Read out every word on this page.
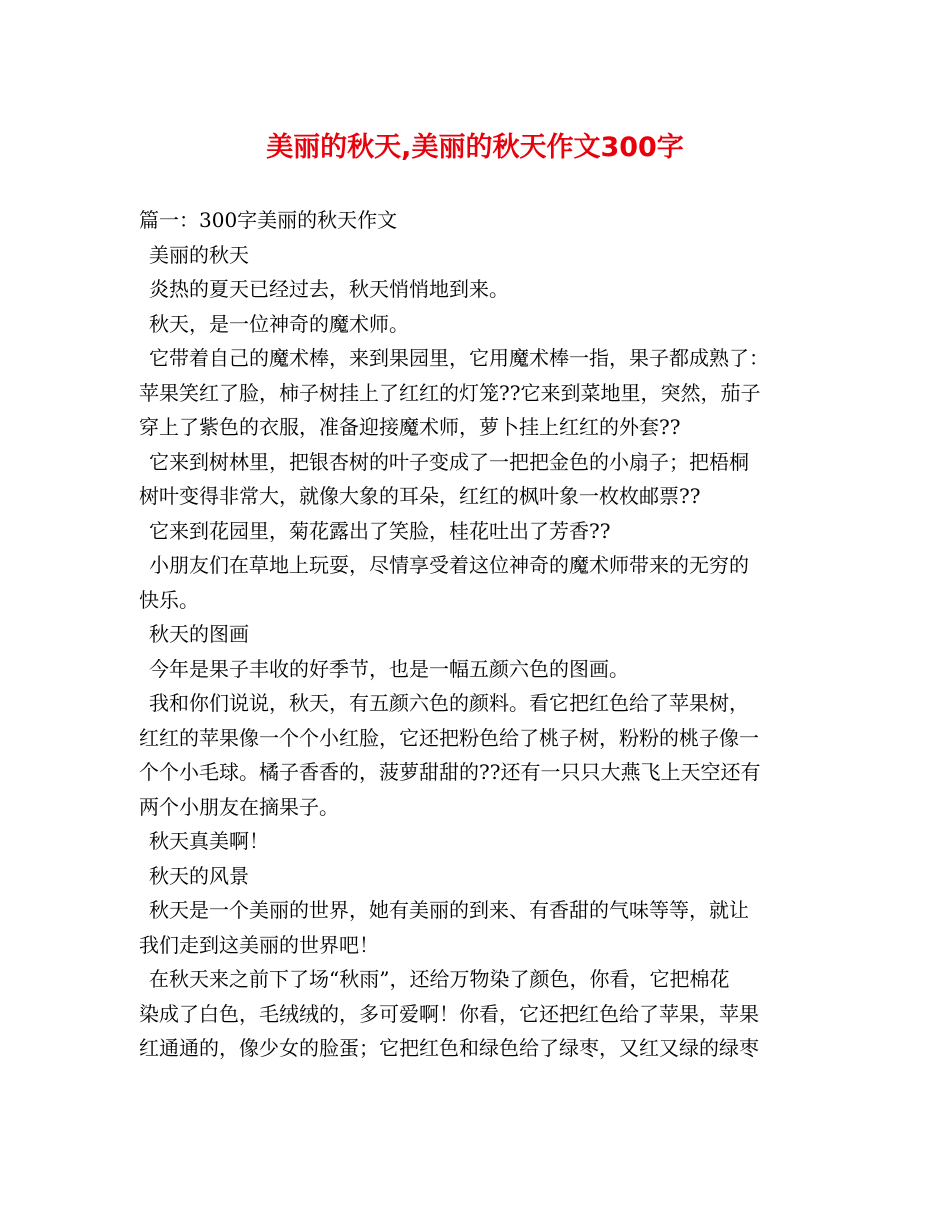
美丽的秋天,美丽的秋天作文300字
篇一：300字美丽的秋天作文
美丽的秋天
炎热的夏天已经过去，秋天悄悄地到来。
秋天，是一位神奇的魔术师。
它带着自己的魔术棒，来到果园里，它用魔术棒一指，果子都成熟了：
苹果笑红了脸，柿子树挂上了红红的灯笼??它来到菜地里，突然，茄子
穿上了紫色的衣服，准备迎接魔术师，萝卜挂上红红的外套??
它来到树林里，把银杏树的叶子变成了一把把金色的小扇子；把梧桐
树叶变得非常大，就像大象的耳朵，红红的枫叶象一枚枚邮票??
它来到花园里，菊花露出了笑脸，桂花吐出了芳香??
小朋友们在草地上玩耍，尽情享受着这位神奇的魔术师带来的无穷的
快乐。
秋天的图画
今年是果子丰收的好季节，也是一幅五颜六色的图画。
我和你们说说，秋天，有五颜六色的颜料。看它把红色给了苹果树，
红红的苹果像一个个小红脸，它还把粉色给了桃子树，粉粉的桃子像一
个个小毛球。橘子香香的，菠萝甜甜的??还有一只只大燕飞上天空还有
两个小朋友在摘果子。
秋天真美啊！
秋天的风景
秋天是一个美丽的世界，她有美丽的到来、有香甜的气味等等，就让
我们走到这美丽的世界吧！
在秋天来之前下了场“秋雨”，还给万物染了颜色，你看，它把棉花
染成了白色，毛绒绒的，多可爱啊！你看，它还把红色给了苹果，苹果
红通通的，像少女的脸蛋；它把红色和绿色给了绿枣，又红又绿的绿枣
